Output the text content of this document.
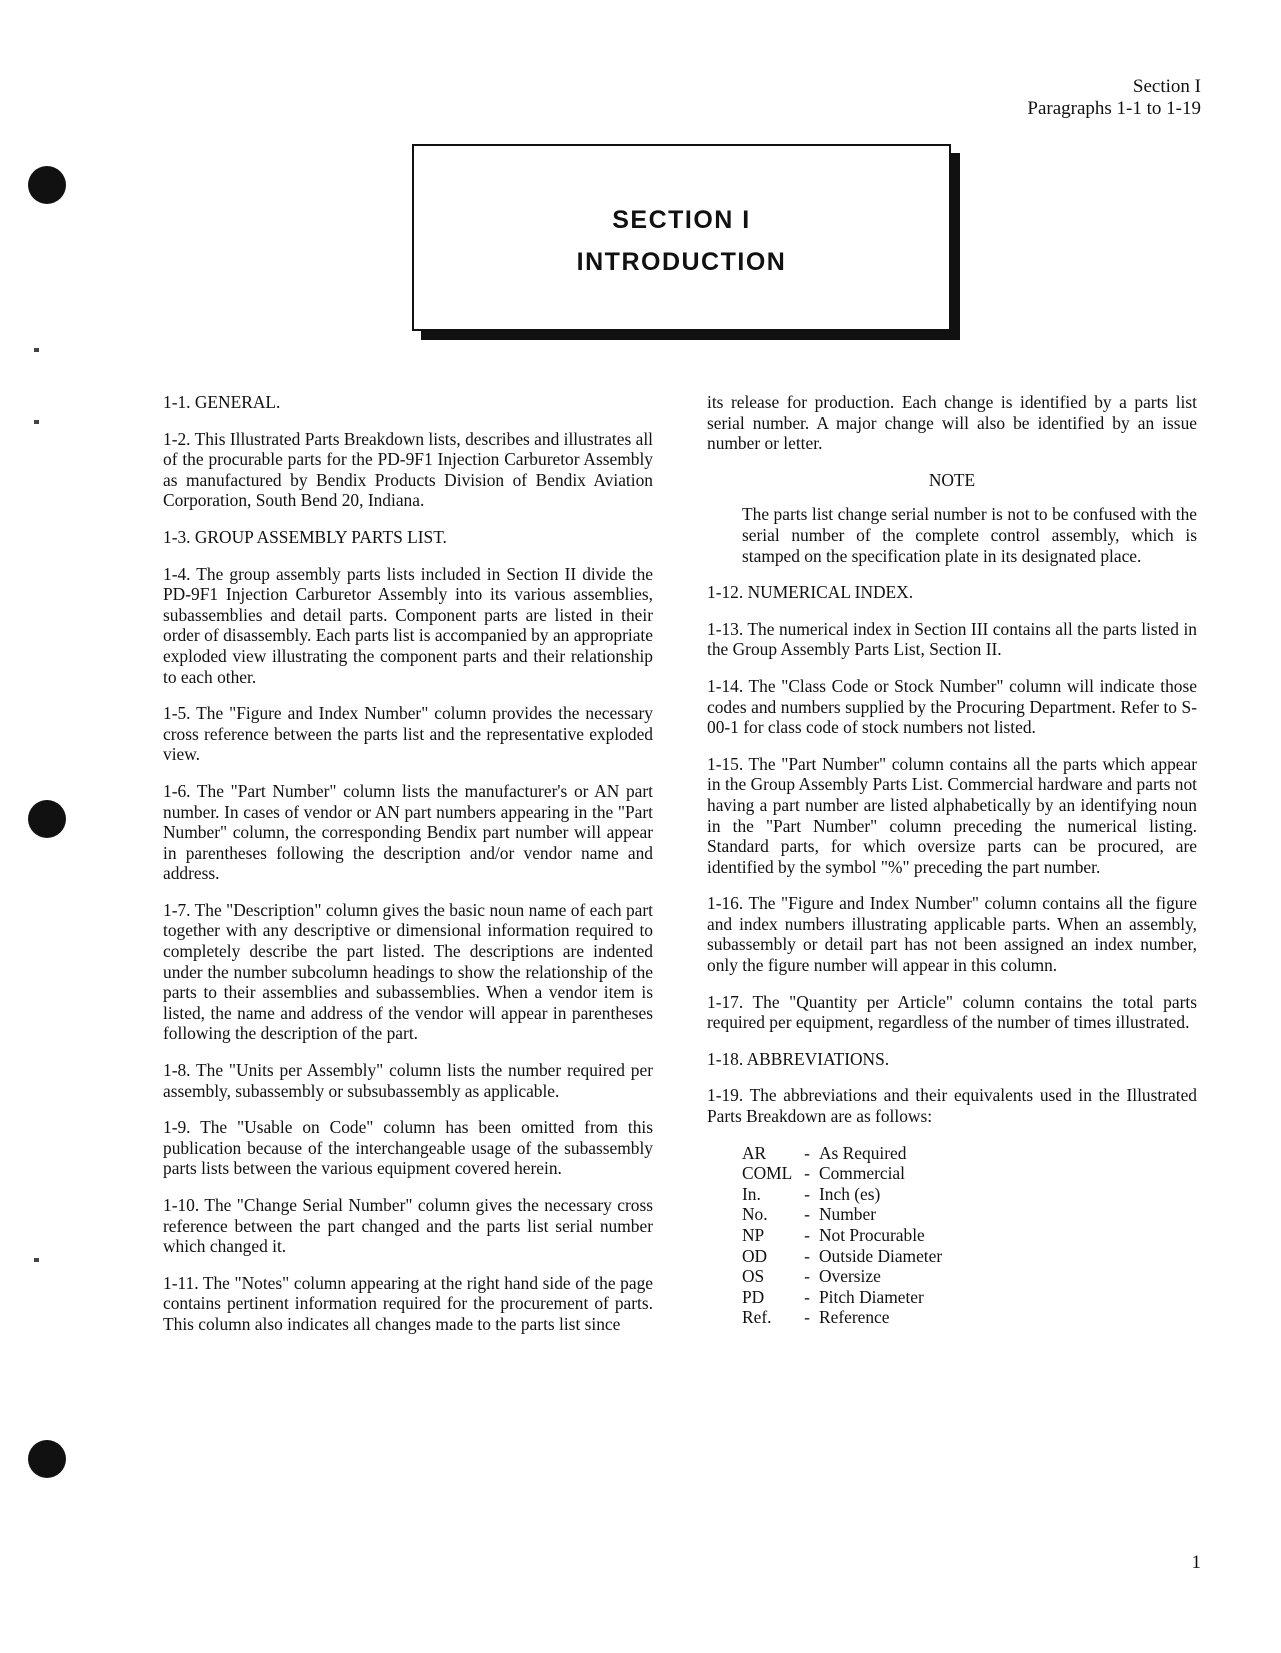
Section I
Paragraphs 1-1 to 1-19
SECTION I
INTRODUCTION

1-1. GENERAL.

1-2. This Illustrated Parts Breakdown lists, describes and illustrates all of the procurable parts for the PD-9F1 Injection Carburetor Assembly as manufactured by Bendix Products Division of Bendix Aviation Corporation, South Bend 20, Indiana.

1-3. GROUP ASSEMBLY PARTS LIST.

1-4. The group assembly parts lists included in Section II divide the PD-9F1 Injection Carburetor Assembly into its various assemblies, subassemblies and detail parts. Component parts are listed in their order of disassembly. Each parts list is accompanied by an appropriate exploded view illustrating the component parts and their relationship to each other.

1-5. The "Figure and Index Number" column provides the necessary cross reference between the parts list and the representative exploded view.

1-6. The "Part Number" column lists the manufacturer's or AN part number. In cases of vendor or AN part numbers appearing in the "Part Number" column, the corresponding Bendix part number will appear in parentheses following the description and/or vendor name and address.

1-7. The "Description" column gives the basic noun name of each part together with any descriptive or dimensional information required to completely describe the part listed. The descriptions are indented under the number subcolumn headings to show the relationship of the parts to their assemblies and subassemblies. When a vendor item is listed, the name and address of the vendor will appear in parentheses following the description of the part.

1-8. The "Units per Assembly" column lists the number required per assembly, subassembly or subsubassembly as applicable.

1-9. The "Usable on Code" column has been omitted from this publication because of the interchangeable usage of the subassembly parts lists between the various equipment covered herein.

1-10. The "Change Serial Number" column gives the necessary cross reference between the part changed and the parts list serial number which changed it.

1-11. The "Notes" column appearing at the right hand side of the page contains pertinent information required for the procurement of parts. This column also indicates all changes made to the parts list since

its release for production. Each change is identified by a parts list serial number. A major change will also be identified by an issue number or letter.

NOTE

The parts list change serial number is not to be confused with the serial number of the complete control assembly, which is stamped on the specification plate in its designated place.

1-12. NUMERICAL INDEX.

1-13. The numerical index in Section III contains all the parts listed in the Group Assembly Parts List, Section II.

1-14. The "Class Code or Stock Number" column will indicate those codes and numbers supplied by the Procuring Department. Refer to S-00-1 for class code of stock numbers not listed.

1-15. The "Part Number" column contains all the parts which appear in the Group Assembly Parts List. Commercial hardware and parts not having a part number are listed alphabetically by an identifying noun in the "Part Number" column preceding the numerical listing. Standard parts, for which oversize parts can be procured, are identified by the symbol "%" preceding the part number.

1-16. The "Figure and Index Number" column contains all the figure and index numbers illustrating applicable parts. When an assembly, subassembly or detail part has not been assigned an index number, only the figure number will appear in this column.

1-17. The "Quantity per Article" column contains the total parts required per equipment, regardless of the number of times illustrated.

1-18. ABBREVIATIONS.

1-19. The abbreviations and their equivalents used in the Illustrated Parts Breakdown are as follows:

AR	- As Required
COML - Commercial
In.	- Inch (es)
No.	- Number
NP	- Not Procurable
OD	- Outside Diameter
OS	- Oversize
PD	- Pitch Diameter
Ref.	- Reference
1
